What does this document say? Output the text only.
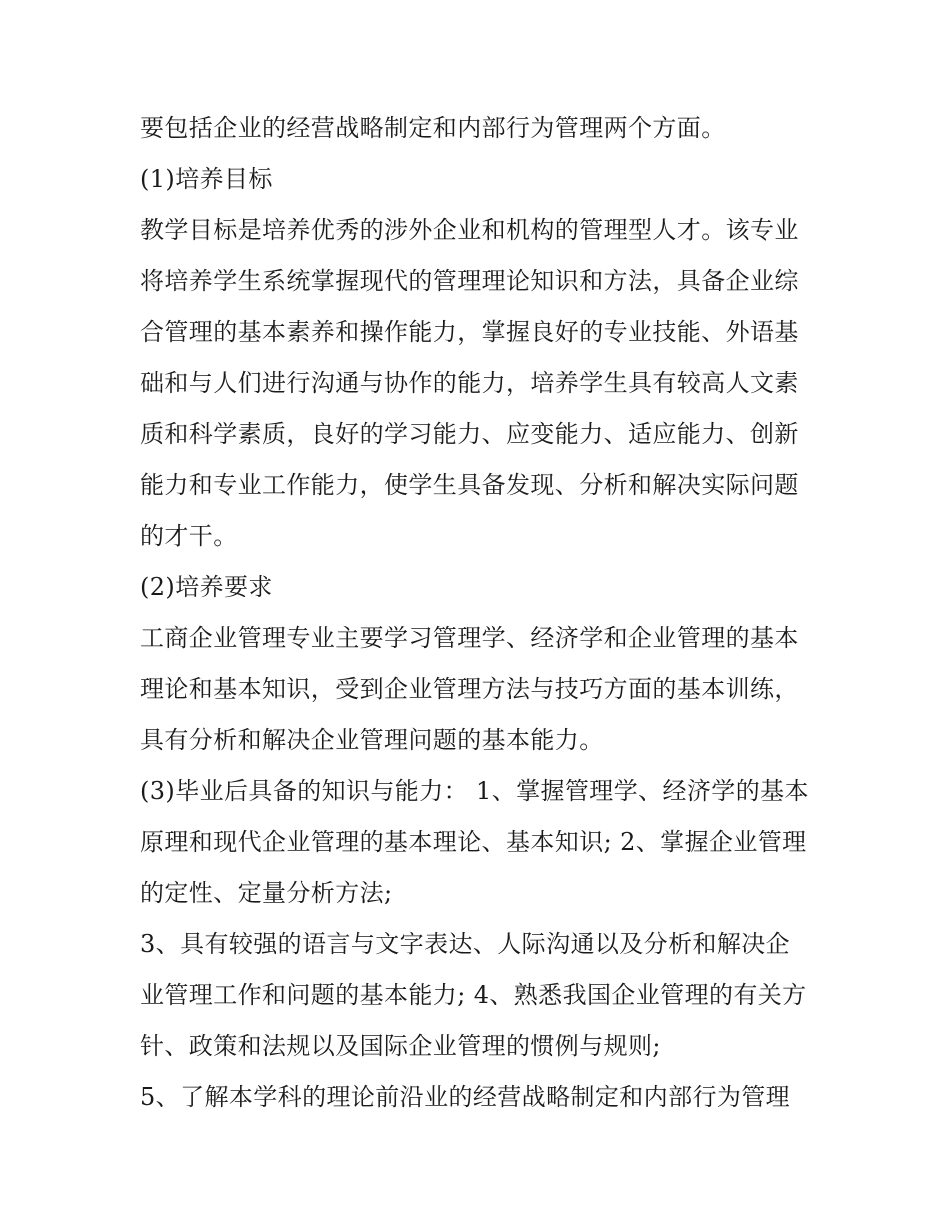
要包括企业的经营战略制定和内部行为管理两个方面。
(1)培养目标
教学目标是培养优秀的涉外企业和机构的管理型人才。该专业
将培养学生系统掌握现代的管理理论知识和方法，具备企业综
合管理的基本素养和操作能力，掌握良好的专业技能、外语基
础和与人们进行沟通与协作的能力，培养学生具有较高人文素
质和科学素质，良好的学习能力、应变能力、适应能力、创新
能力和专业工作能力，使学生具备发现、分析和解决实际问题
的才干。
(2)培养要求
工商企业管理专业主要学习管理学、经济学和企业管理的基本
理论和基本知识，受到企业管理方法与技巧方面的基本训练，
具有分析和解决企业管理问题的基本能力。
(3)毕业后具备的知识与能力： 1、掌握管理学、经济学的基本
原理和现代企业管理的基本理论、基本知识; 2、掌握企业管理
的定性、定量分析方法;
3、具有较强的语言与文字表达、人际沟通以及分析和解决企
业管理工作和问题的基本能力; 4、熟悉我国企业管理的有关方
针、政策和法规以及国际企业管理的惯例与规则;
5、了解本学科的理论前沿业的经营战略制定和内部行为管理
